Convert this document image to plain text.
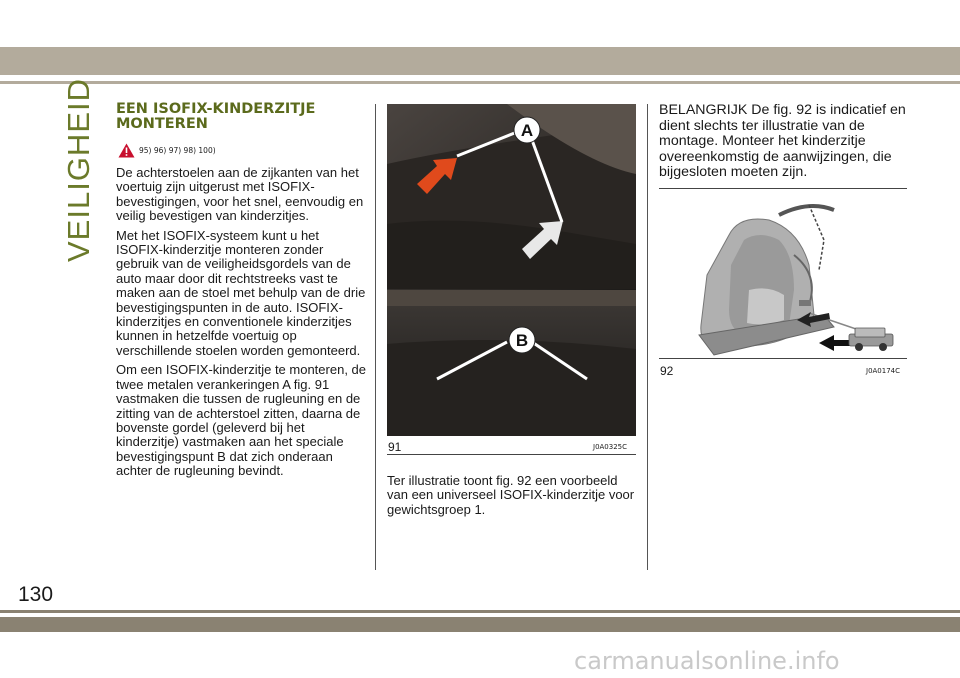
VEILIGHEID EEN ISOFIX-KINDERZITJE
MONTEREN
95) 96) 97) 98) 100)

De achterstoelen aan de zijkanten van het voertuig zijn uitgerust met ISOFIX-bevestigingen, voor het snel, eenvoudig en veilig bevestigen van kinderzitjes.

Met het ISOFIX-systeem kunt u het ISOFIX-kinderzitje monteren zonder gebruik van de veiligheidsgordels van de auto maar door dit rechtstreeks vast te maken aan de stoel met behulp van de drie bevestigingspunten in de auto. ISOFIX-kinderzitjes en conventionele kinderzitjes kunnen in hetzelfde voertuig op verschillende stoelen worden gemonteerd.

Om een ISOFIX-kinderzitje te monteren, de twee metalen verankeringen A fig. 91 vastmaken die tussen de rugleuning en de zitting van de achterstoel zitten, daarna de bovenste gordel (geleverd bij het kinderzitje) vastmaken aan het speciale bevestigingspunt B dat zich onderaan achter de rugleuning bevindt.

A
B
91	J0A0325C
Ter illustratie toont fig. 92 een voorbeeld van een universeel ISOFIX-kinderzitje voor gewichtsgroep 1.

BELANGRIJK De fig. 92 is indicatief en dient slechts ter illustratie van de montage. Monteer het kinderzitje overeenkomstig de aanwijzingen, die bijgesloten moeten zijn.

92	J0A0174C
130
carmanualsonline.info
